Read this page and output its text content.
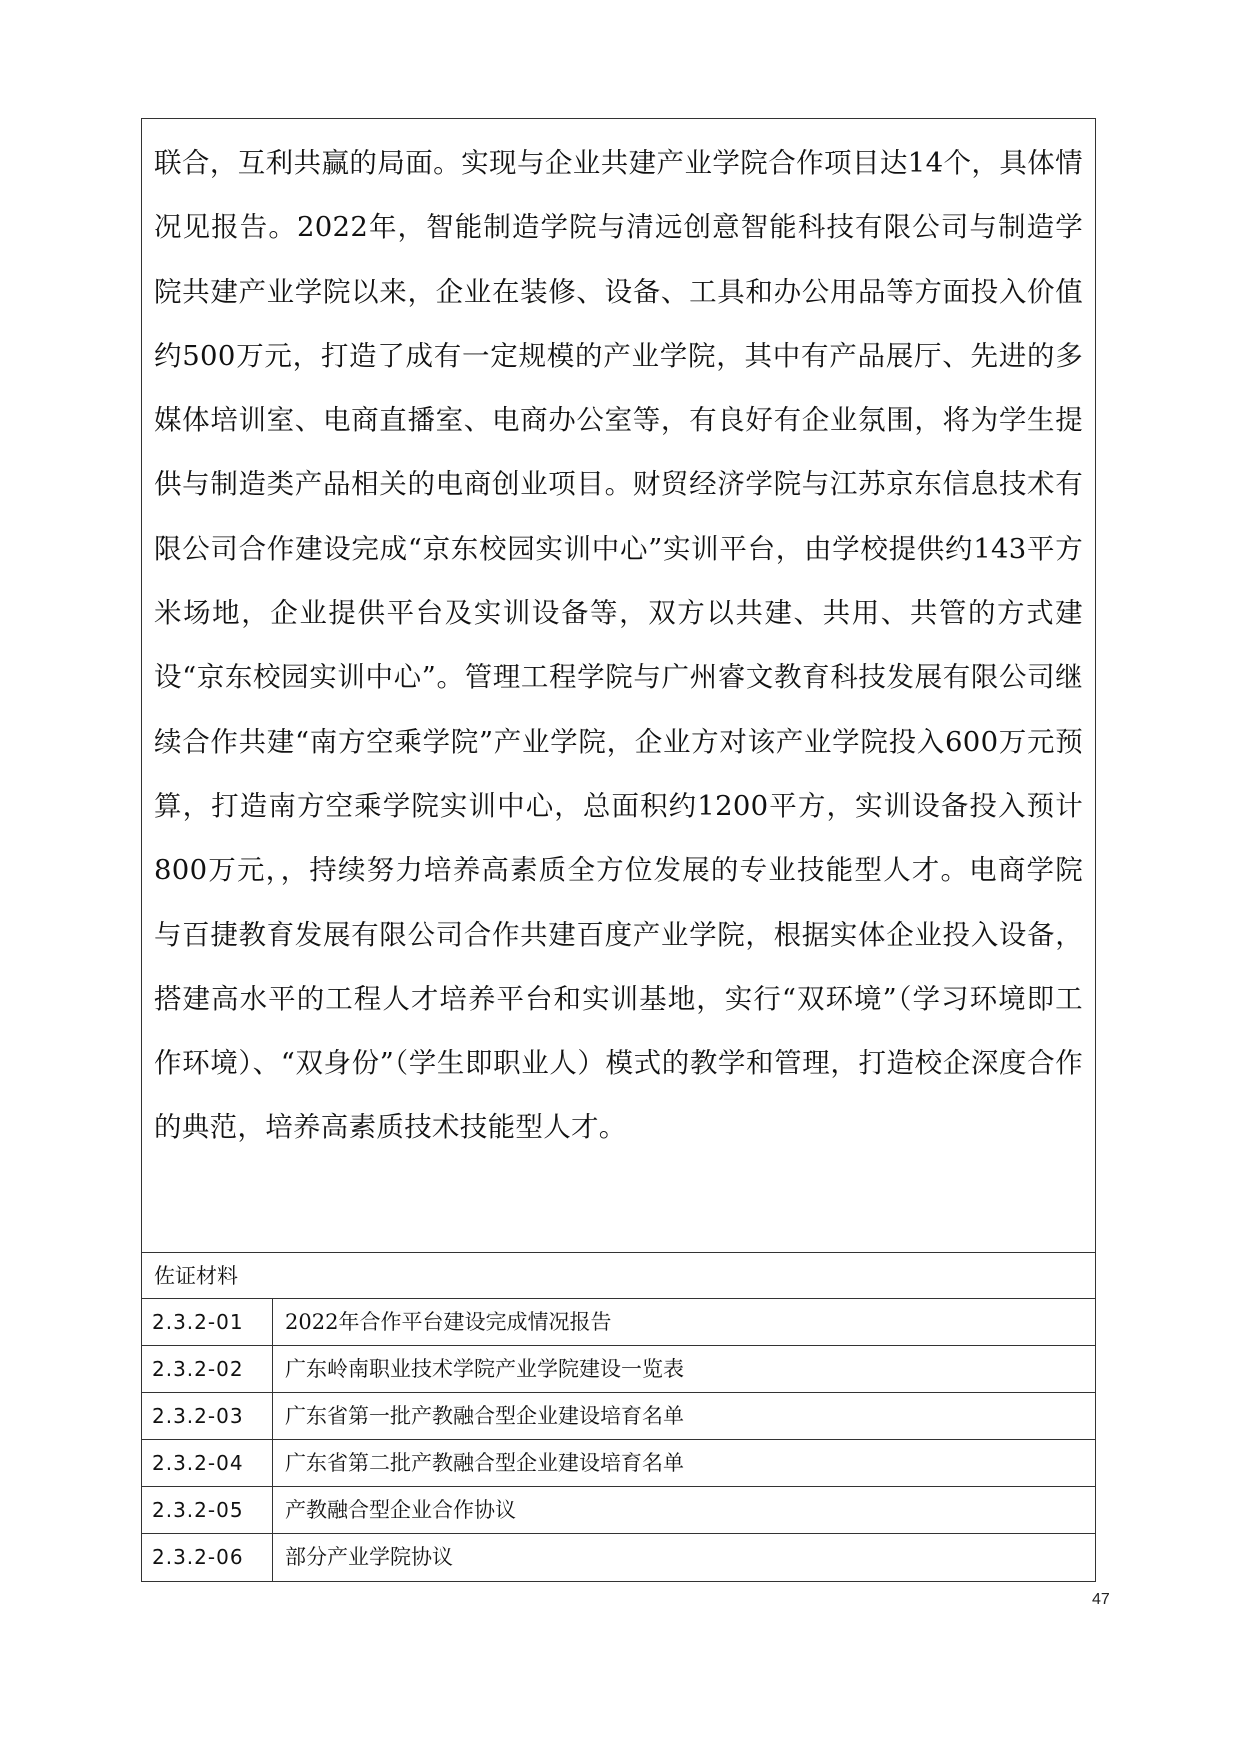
联合，互利共赢的局面。实现与企业共建产业学院合作项目达14个，具体情况见报告。2022年，智能制造学院与清远创意智能科技有限公司与制造学院共建产业学院以来，企业在装修、设备、工具和办公用品等方面投入价值约500万元，打造了成有一定规模的产业学院，其中有产品展厅、先进的多媒体培训室、电商直播室、电商办公室等，有良好有企业氛围，将为学生提供与制造类产品相关的电商创业项目。财贸经济学院与江苏京东信息技术有限公司合作建设完成“京东校园实训中心”实训平台，由学校提供约143平方米场地，企业提供平台及实训设备等，双方以共建、共用、共管的方式建设“京东校园实训中心”。管理工程学院与广州睿文教育科技发展有限公司继续合作共建“南方空乘学院”产业学院，企业方对该产业学院投入600万元预算，打造南方空乘学院实训中心，总面积约1200平方，实训设备投入预计800万元，，持续努力培养高素质全方位发展的专业技能型人才。电商学院与百捷教育发展有限公司合作共建百度产业学院，根据实体企业投入设备，搭建高水平的工程人才培养平台和实训基地，实行“双环境”（学习环境即工作环境）、“双身份”（学生即职业人）模式的教学和管理，打造校企深度合作的典范，培养高素质技术技能型人才。

佐证材料
2.3.2-01	2022年合作平台建设完成情况报告
2.3.2-02	广东岭南职业技术学院产业学院建设一览表
2.3.2-03	广东省第一批产教融合型企业建设培育名单
2.3.2-04	广东省第二批产教融合型企业建设培育名单
2.3.2-05	产教融合型企业合作协议
2.3.2-06	部分产业学院协议
47
